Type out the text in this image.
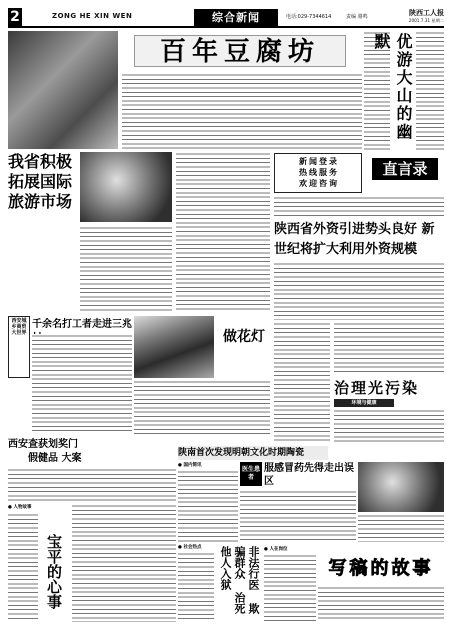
2	ZONG HE XIN WEN	综合新闻	电话:029-7344614	责编 骆鸣	陕西工人报
2001.7.31 星期二
百年豆腐坊	优游大山的幽默
我省积极拓展国际旅游市场
新闻登录
热线服务
欢迎咨询
直言录
陕西省外资引进势头良好 新世纪将扩大利用外资规模
西安城乡商贸大世界
千余名打工者走进三兆
做花灯
治理光污染
环境与健康
陕南首次发现明朝文化时期陶瓷
西安查获划奖门
假健品 大案
● 人物故事
宝平的心事
● 国内简讯
医生患者
服感冒药先得走出误区
● 社会热点	非法行医 欺骗群众 治死他人入狱	● 人在岗位
写稿的故事
